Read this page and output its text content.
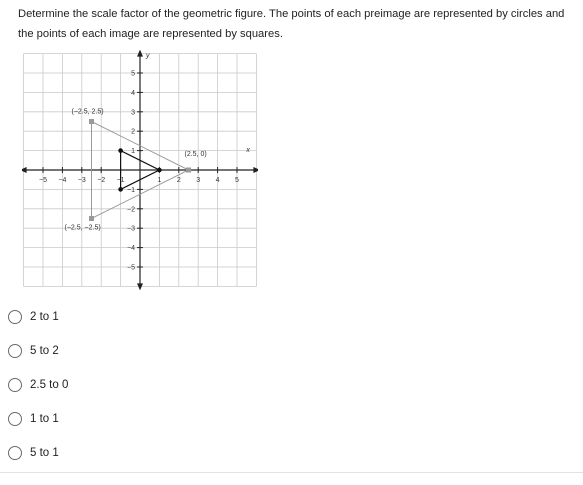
Determine the scale factor of the geometric figure. The points of each preimage are represented by circles and the points of each image are represented by squares.
x
y
−5 −4 −3 −2 −1	1 2 3 4 5
5
4
3
2
1
−1
−2
−3
−4
−5
(−2.5, 2.5)
(2.5, 0)
(−2.5, −2.5)
2 to 1
5 to 2
2.5 to 0
1 to 1
5 to 1
